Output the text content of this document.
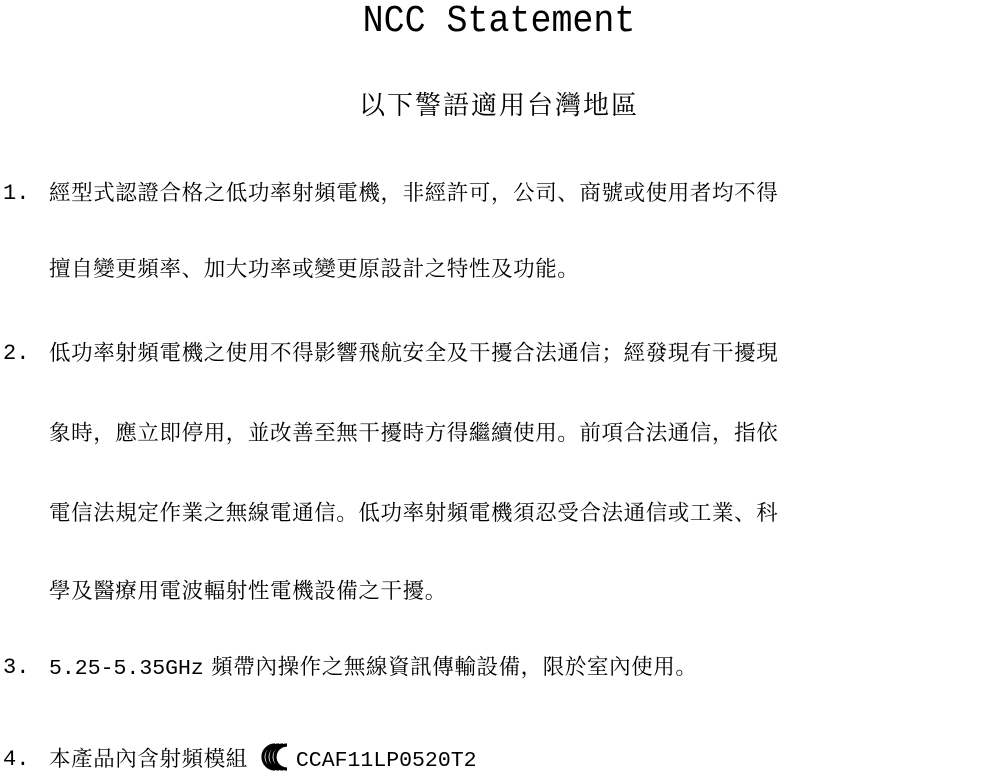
NCC Statement
以下警語適用台灣地區
1. 經型式認證合格之低功率射頻電機，非經許可，公司、商號或使用者均不得
擅自變更頻率、加大功率或變更原設計之特性及功能。
2. 低功率射頻電機之使用不得影響飛航安全及干擾合法通信；經發現有干擾現
象時，應立即停用，並改善至無干擾時方得繼續使用。前項合法通信，指依
電信法規定作業之無線電通信。低功率射頻電機須忍受合法通信或工業、科
學及醫療用電波輻射性電機設備之干擾。
3. 5.25-5.35GHz 頻帶內操作之無線資訊傳輸設備，限於室內使用。
4. 本產品內含射頻模組 CCAF11LP0520T2
